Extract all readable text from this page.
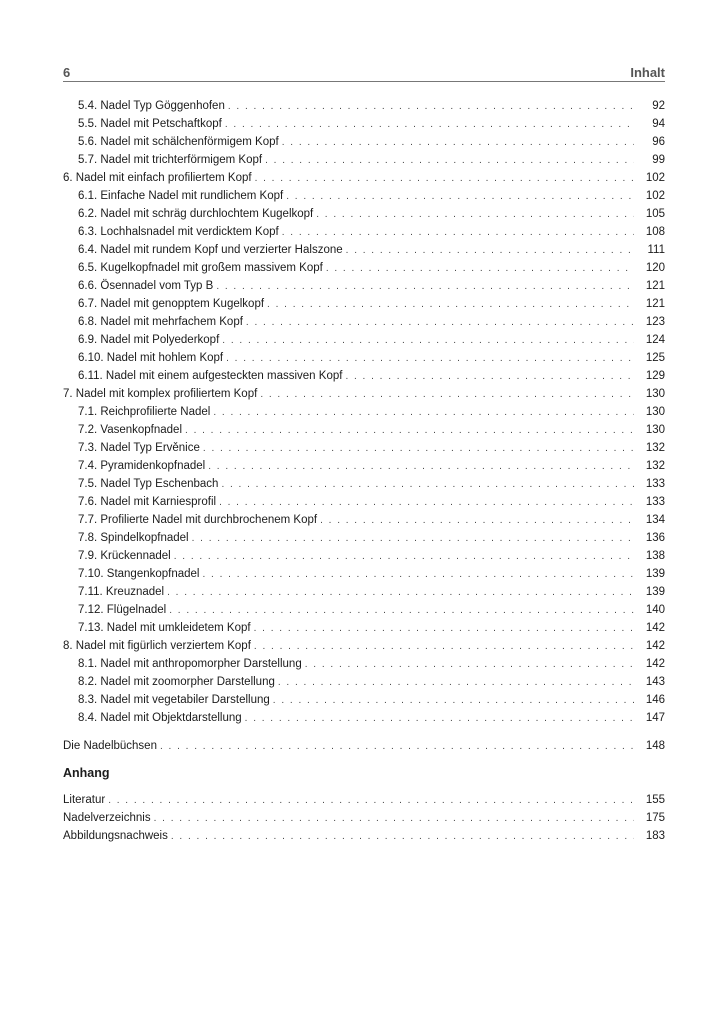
6	Inhalt
5.4. Nadel Typ Göggenhofen . . .	92
5.5. Nadel mit Petschaftkopf . . .	94
5.6. Nadel mit schälchenförmigem Kopf . . .	96
5.7. Nadel mit trichterförmigem Kopf . . .	99
6. Nadel mit einfach profiliertem Kopf . . .	102
6.1. Einfache Nadel mit rundlichem Kopf . . .	102
6.2. Nadel mit schräg durchlochtem Kugelkopf . . .	105
6.3. Lochhalsnadel mit verdicktem Kopf . . .	108
6.4. Nadel mit rundem Kopf und verzierter Halszone . . .	111
6.5. Kugelkopfnadel mit großem massivem Kopf . . .	120
6.6. Ösennadel vom Typ B . . .	121
6.7. Nadel mit genopptem Kugelkopf . . .	121
6.8. Nadel mit mehrfachem Kopf . . .	123
6.9. Nadel mit Polyederkopf . . .	124
6.10. Nadel mit hohlem Kopf . . .	125
6.11. Nadel mit einem aufgesteckten massiven Kopf . . .	129
7. Nadel mit komplex profiliertem Kopf . . .	130
7.1. Reichprofilierte Nadel . . .	130
7.2. Vasenkopfnadel . . .	130
7.3. Nadel Typ Ervěnice . . .	132
7.4. Pyramidenkopfnadel . . .	132
7.5. Nadel Typ Eschenbach . . .	133
7.6. Nadel mit Karniesprofil . . .	133
7.7. Profilierte Nadel mit durchbrochenem Kopf . . .	134
7.8. Spindelkopfnadel . . .	136
7.9. Krückennadel . . .	138
7.10. Stangenkopfnadel . . .	139
7.11. Kreuznadel . . .	139
7.12. Flügelnadel . . .	140
7.13. Nadel mit umkleidetem Kopf . . .	142
8. Nadel mit figürlich verziertem Kopf . . .	142
8.1. Nadel mit anthropomorpher Darstellung . . .	142
8.2. Nadel mit zoomorpher Darstellung . . .	143
8.3. Nadel mit vegetabiler Darstellung . . .	146
8.4. Nadel mit Objektdarstellung . . .	147
Die Nadelbüchsen . . .	148
Anhang
Literatur . . .	155
Nadelverzeichnis . . .	175
Abbildungsnachweis . . .	183
